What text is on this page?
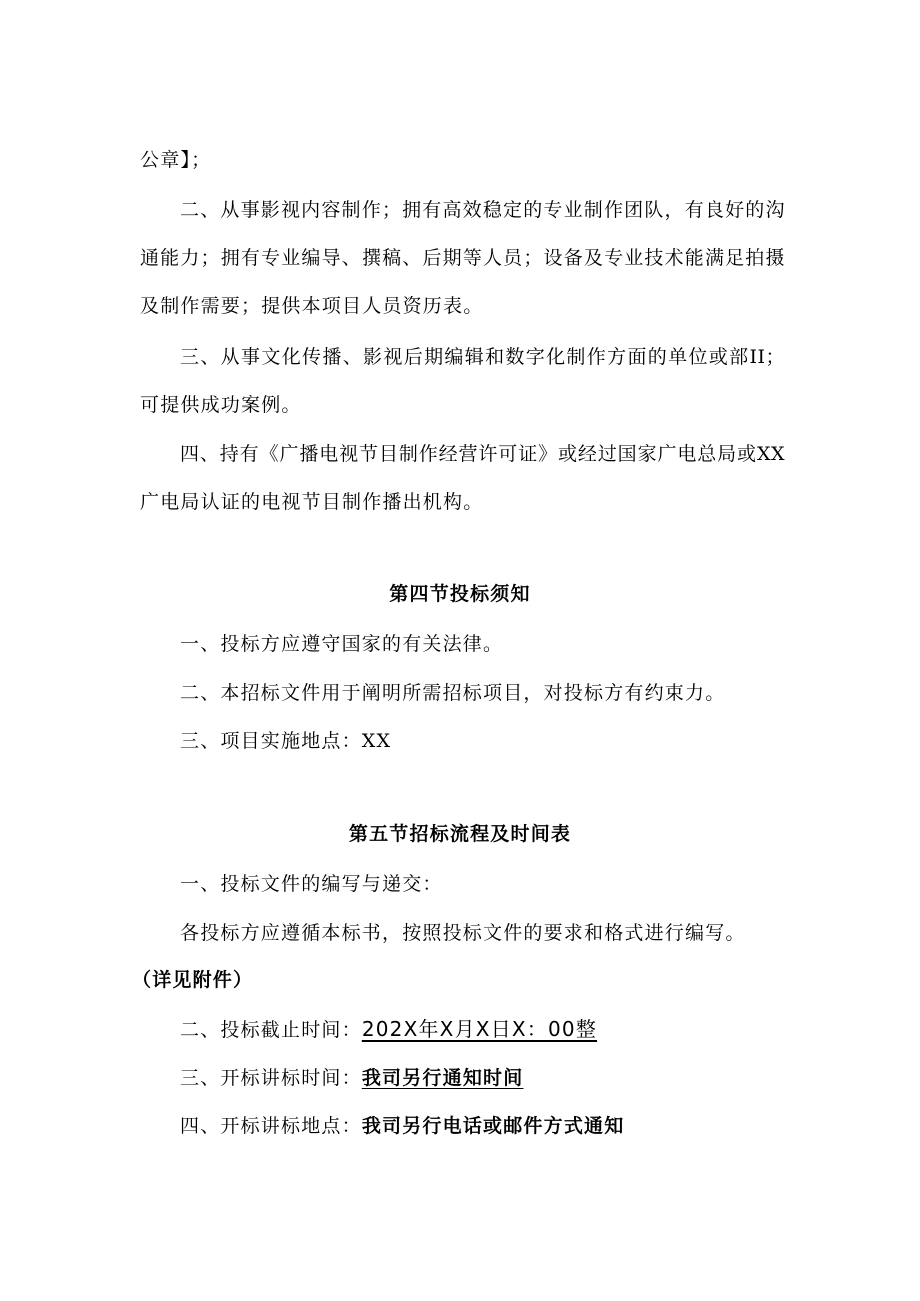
公章】；
二、从事影视内容制作；拥有高效稳定的专业制作团队，有良好的沟
通能力；拥有专业编导、撰稿、后期等人员；设备及专业技术能满足拍摄
及制作需要；提供本项目人员资历表。
三、从事文化传播、影视后期编辑和数字化制作方面的单位或部II；
可提供成功案例。
四、持有《广播电视节目制作经营许可证》或经过国家广电总局或XX
广电局认证的电视节目制作播出机构。
第四节投标须知
一、投标方应遵守国家的有关法律。
二、本招标文件用于阐明所需招标项目，对投标方有约束力。
三、项目实施地点：XX
第五节招标流程及时间表
一、投标文件的编写与递交：
各投标方应遵循本标书，按照投标文件的要求和格式进行编写。
（详见附件）
二、投标截止时间：202X年X月X日X：00整
三、开标讲标时间：我司另行通知时间
四、开标讲标地点：我司另行电话或邮件方式通知
